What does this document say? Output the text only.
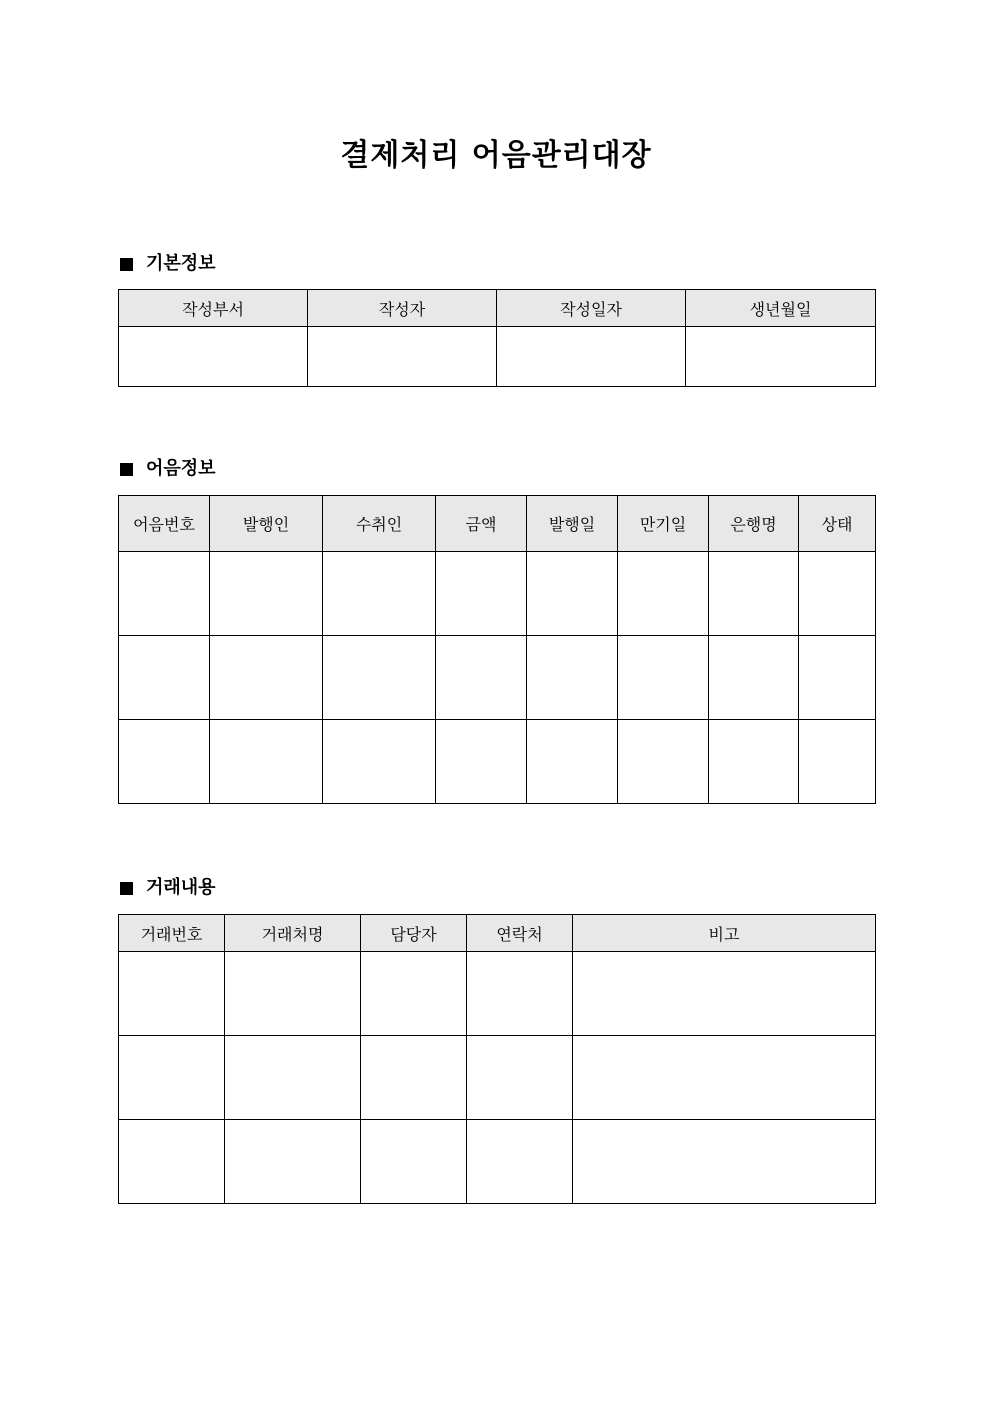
결제처리 어음관리대장
기본정보
작성부서	작성자	작성일자	생년월일

어음정보
어음번호	발행인	수취인	금액	발행일	만기일	은행명	상태

거래내용
거래번호	거래처명	담당자	연락처	비고
